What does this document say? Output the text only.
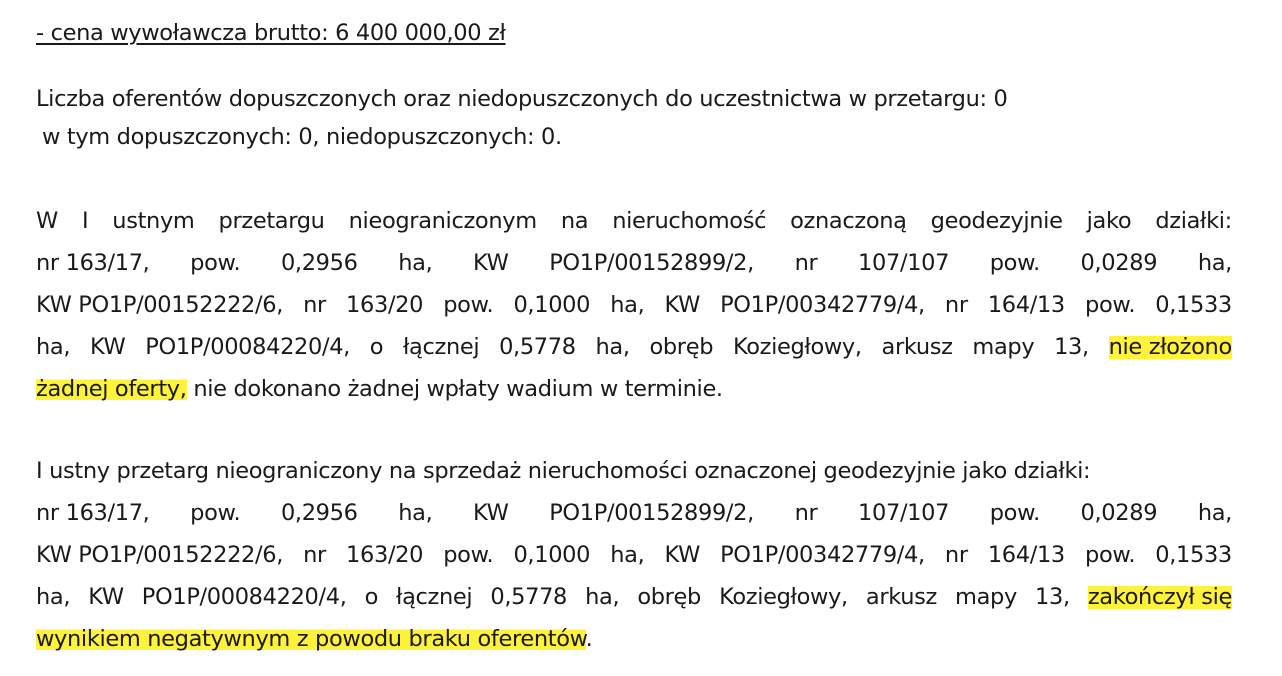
- cena wywoławcza brutto: 6 400 000,00 zł
Liczba oferentów dopuszczonych oraz niedopuszczonych do uczestnictwa w przetargu: 0
w tym dopuszczonych: 0, niedopuszczonych: 0.
W I ustnym przetargu nieograniczonym na nieruchomość oznaczoną geodezyjnie jako działki:
nr 163/17, pow. 0,2956 ha, KW PO1P/00152899/2, nr 107/107 pow. 0,0289 ha,
KW PO1P/00152222/6, nr 163/20 pow. 0,1000 ha, KW PO1P/00342779/4, nr 164/13 pow. 0,1533
ha, KW PO1P/00084220/4, o łącznej 0,5778 ha, obręb Koziegłowy, arkusz mapy 13, nie złożono
żadnej oferty, nie dokonano żadnej wpłaty wadium w terminie.
I ustny przetarg nieograniczony na sprzedaż nieruchomości oznaczonej geodezyjnie jako działki:
nr 163/17, pow. 0,2956 ha, KW PO1P/00152899/2, nr 107/107 pow. 0,0289 ha,
KW PO1P/00152222/6, nr 163/20 pow. 0,1000 ha, KW PO1P/00342779/4, nr 164/13 pow. 0,1533
ha, KW PO1P/00084220/4, o łącznej 0,5778 ha, obręb Koziegłowy, arkusz mapy 13, zakończył się
wynikiem negatywnym z powodu braku oferentów.
